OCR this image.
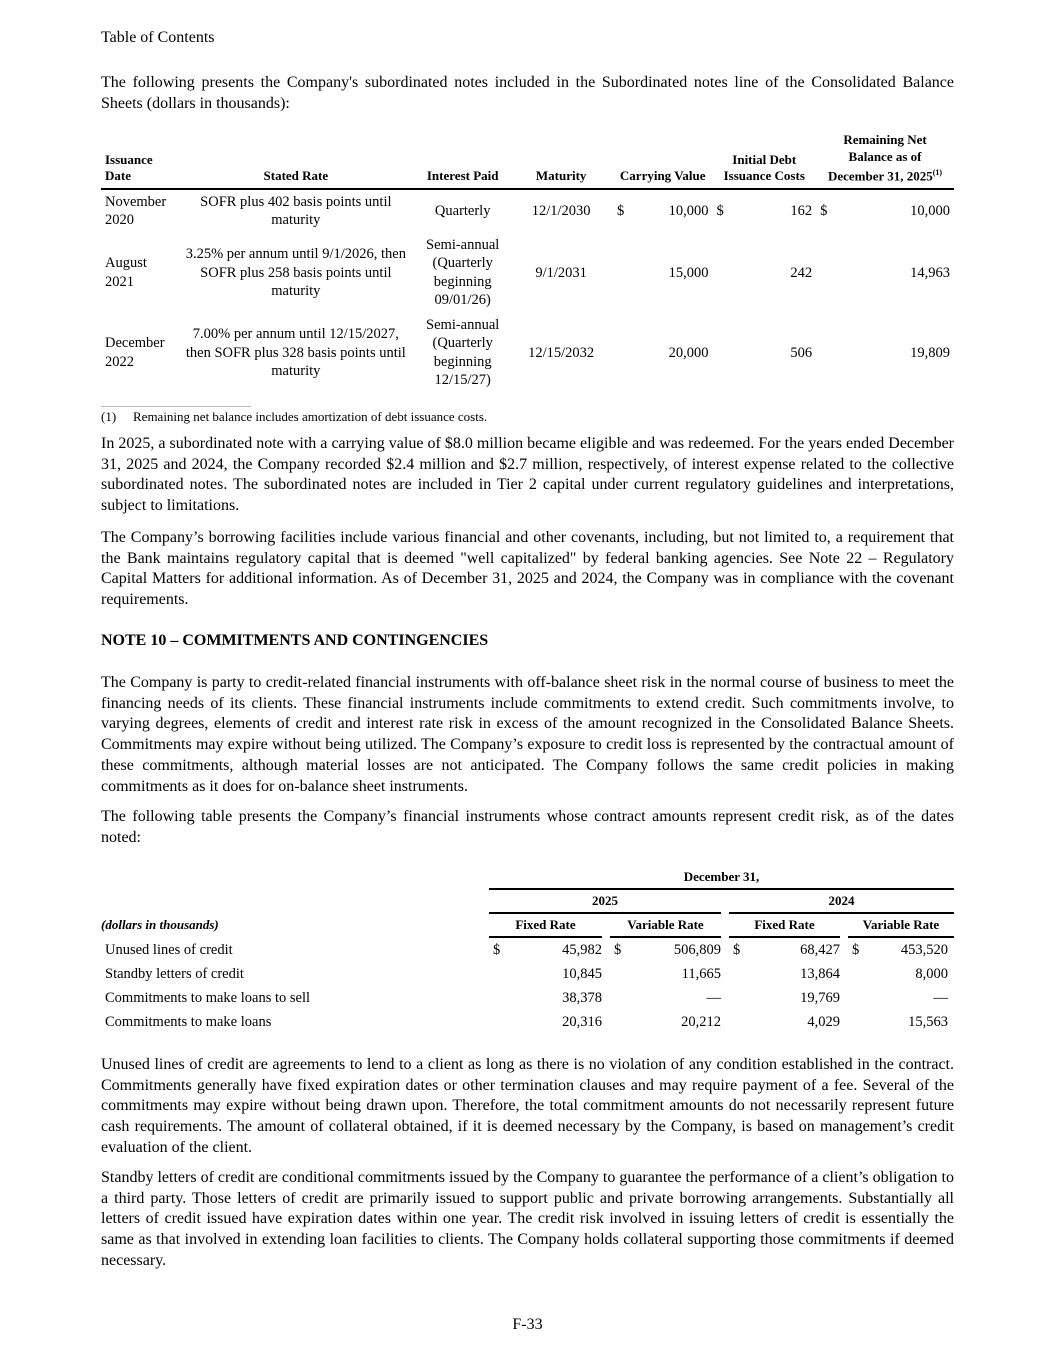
Table of Contents

The following presents the Company's subordinated notes included in the Subordinated notes line of the Consolidated Balance Sheets (dollars in thousands):

Issuance Date	Stated Rate	Interest Paid	Maturity	Carrying Value		Initial Debt Issuance Costs		Remaining Net Balance as of December 31, 2025$^{(1)}$
November 2020	SOFR plus 402 basis points until maturity	Quarterly	12/1/2030	$	10,000	$	162	$	10,000
August 2021	3.25% per annum until 9/1/2026, then SOFR plus 258 basis points until maturity	Semi-annual (Quarterly beginning 09/01/26)	9/1/2031		15,000		242		14,963
December 2022	7.00% per annum until 12/15/2027, then SOFR plus 328 basis points until maturity	Semi-annual (Quarterly beginning 12/15/27)	12/15/2032		20,000		506		19,809
(1) Remaining net balance includes amortization of debt issuance costs.

In 2025, a subordinated note with a carrying value of $8.0 million became eligible and was redeemed. For the years ended December 31, 2025 and 2024, the Company recorded $2.4 million and $2.7 million, respectively, of interest expense related to the collective subordinated notes. The subordinated notes are included in Tier 2 capital under current regulatory guidelines and interpretations, subject to limitations.

The Company’s borrowing facilities include various financial and other covenants, including, but not limited to, a requirement that the Bank maintains regulatory capital that is deemed "well capitalized" by federal banking agencies. See Note 22 – Regulatory Capital Matters for additional information. As of December 31, 2025 and 2024, the Company was in compliance with the covenant requirements.

NOTE 10 – COMMITMENTS AND CONTINGENCIES

The Company is party to credit-related financial instruments with off-balance sheet risk in the normal course of business to meet the financing needs of its clients. These financial instruments include commitments to extend credit. Such commitments involve, to varying degrees, elements of credit and interest rate risk in excess of the amount recognized in the Consolidated Balance Sheets. Commitments may expire without being utilized. The Company’s exposure to credit loss is represented by the contractual amount of these commitments, although material losses are not anticipated. The Company follows the same credit policies in making commitments as it does for on-balance sheet instruments.

The following table presents the Company’s financial instruments whose contract amounts represent credit risk, as of the dates noted:

	December 31,										
	2025						2024				
(dollars in thousands)	Fixed Rate			Variable Rate			Fixed Rate			Variable Rate	
Unused lines of credit	$	45,982		$	506,809		$	68,427		$	453,520
Standby letters of credit		10,845			11,665			13,864			8,000
Commitments to make loans to sell		38,378			—			19,769			—
Commitments to make loans		20,316			20,212			4,029			15,563

Unused lines of credit are agreements to lend to a client as long as there is no violation of any condition established in the contract. Commitments generally have fixed expiration dates or other termination clauses and may require payment of a fee. Several of the commitments may expire without being drawn upon. Therefore, the total commitment amounts do not necessarily represent future cash requirements. The amount of collateral obtained, if it is deemed necessary by the Company, is based on management’s credit evaluation of the client.

Standby letters of credit are conditional commitments issued by the Company to guarantee the performance of a client’s obligation to a third party. Those letters of credit are primarily issued to support public and private borrowing arrangements. Substantially all letters of credit issued have expiration dates within one year. The credit risk involved in issuing letters of credit is essentially the same as that involved in extending loan facilities to clients. The Company holds collateral supporting those commitments if deemed necessary.

F-33
